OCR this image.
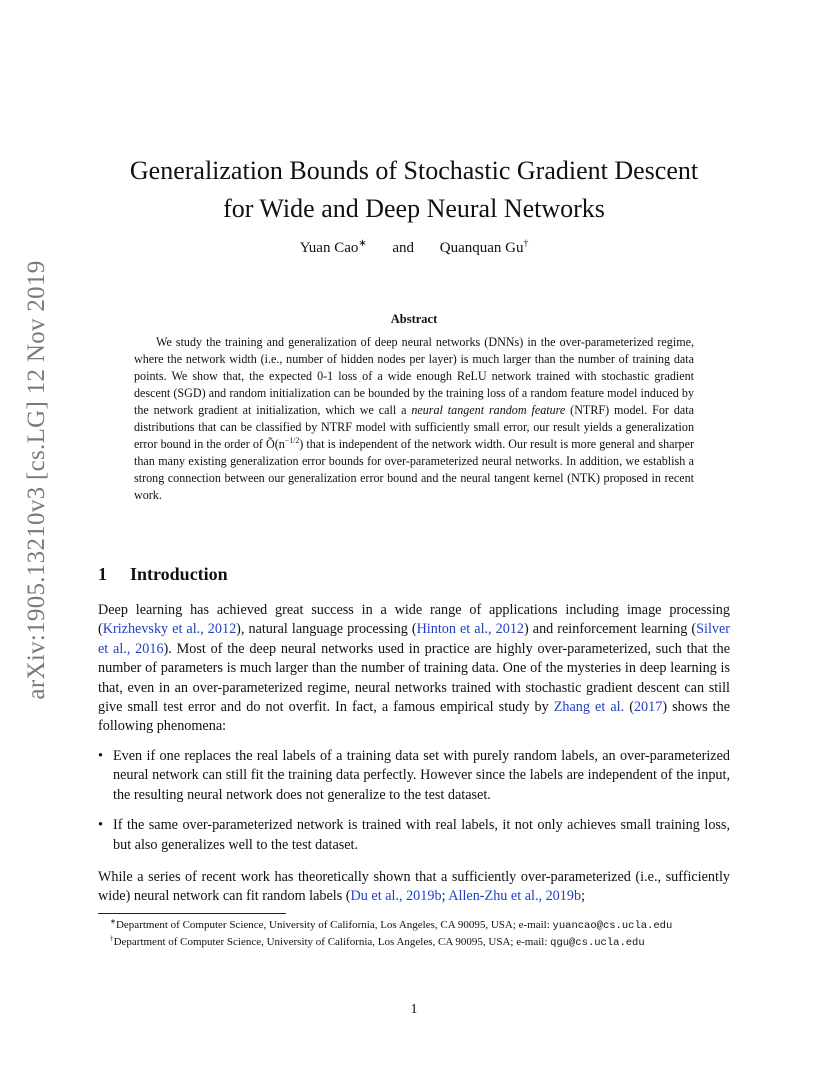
arXiv:1905.13210v3 [cs.LG] 12 Nov 2019
Generalization Bounds of Stochastic Gradient Descent
for Wide and Deep Neural Networks
Yuan Cao∗ and Quanquan Gu†
Abstract
We study the training and generalization of deep neural networks (DNNs) in the over-parameterized regime, where the network width (i.e., number of hidden nodes per layer) is much larger than the number of training data points. We show that, the expected 0-1 loss of a wide enough ReLU network trained with stochastic gradient descent (SGD) and random initialization can be bounded by the training loss of a random feature model induced by the network gradient at initialization, which we call a neural tangent random feature (NTRF) model. For data distributions that can be classified by NTRF model with sufficiently small error, our result yields a generalization error bound in the order of $Õ(n^{-1/2})$ that is independent of the network width. Our result is more general and sharper than many existing generalization error bounds for over-parameterized neural networks. In addition, we establish a strong connection between our generalization error bound and the neural tangent kernel (NTK) proposed in recent work.
1 Introduction
Deep learning has achieved great success in a wide range of applications including image processing (Krizhevsky et al., 2012), natural language processing (Hinton et al., 2012) and reinforcement learning (Silver et al., 2016). Most of the deep neural networks used in practice are highly over-parameterized, such that the number of parameters is much larger than the number of training data. One of the mysteries in deep learning is that, even in an over-parameterized regime, neural networks trained with stochastic gradient descent can still give small test error and do not overfit. In fact, a famous empirical study by Zhang et al. (2017) shows the following phenomena:
• Even if one replaces the real labels of a training data set with purely random labels, an over-parameterized neural network can still fit the training data perfectly. However since the labels are independent of the input, the resulting neural network does not generalize to the test dataset.
• If the same over-parameterized network is trained with real labels, it not only achieves small training loss, but also generalizes well to the test dataset.
While a series of recent work has theoretically shown that a sufficiently over-parameterized (i.e., sufficiently wide) neural network can fit random labels (Du et al., 2019b; Allen-Zhu et al., 2019b;
∗Department of Computer Science, University of California, Los Angeles, CA 90095, USA; e-mail: yuancao@cs.ucla.edu
†Department of Computer Science, University of California, Los Angeles, CA 90095, USA; e-mail: qgu@cs.ucla.edu
1
